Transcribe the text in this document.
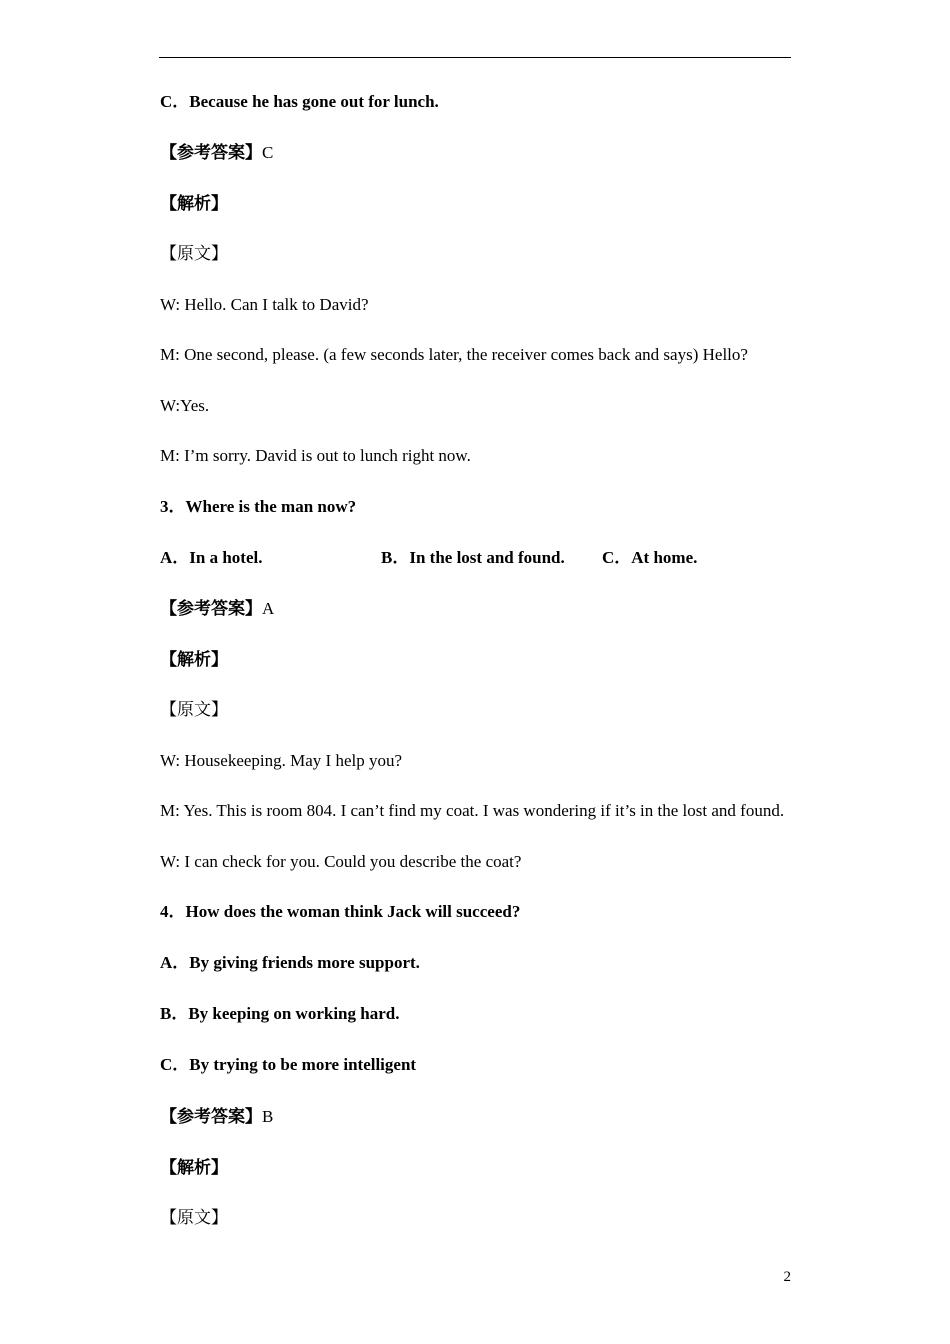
C．Because he has gone out for lunch.
【参考答案】C
【解析】
【原文】
W: Hello. Can I talk to David?
M: One second, please. (a few seconds later, the receiver comes back and says) Hello?
W:Yes.
M: I’m sorry. David is out to lunch right now.
3．Where is the man now?
A．In a hotel.	B．In the lost and found. C．At home.
【参考答案】A
【解析】
【原文】
W: Housekeeping. May I help you?
M: Yes. This is room 804. I can’t find my coat. I was wondering if it’s in the lost and found.
W: I can check for you. Could you describe the coat?
4．How does the woman think Jack will succeed?
A．By giving friends more support.
B．By keeping on working hard.
C．By trying to be more intelligent
【参考答案】B
【解析】
【原文】
2
